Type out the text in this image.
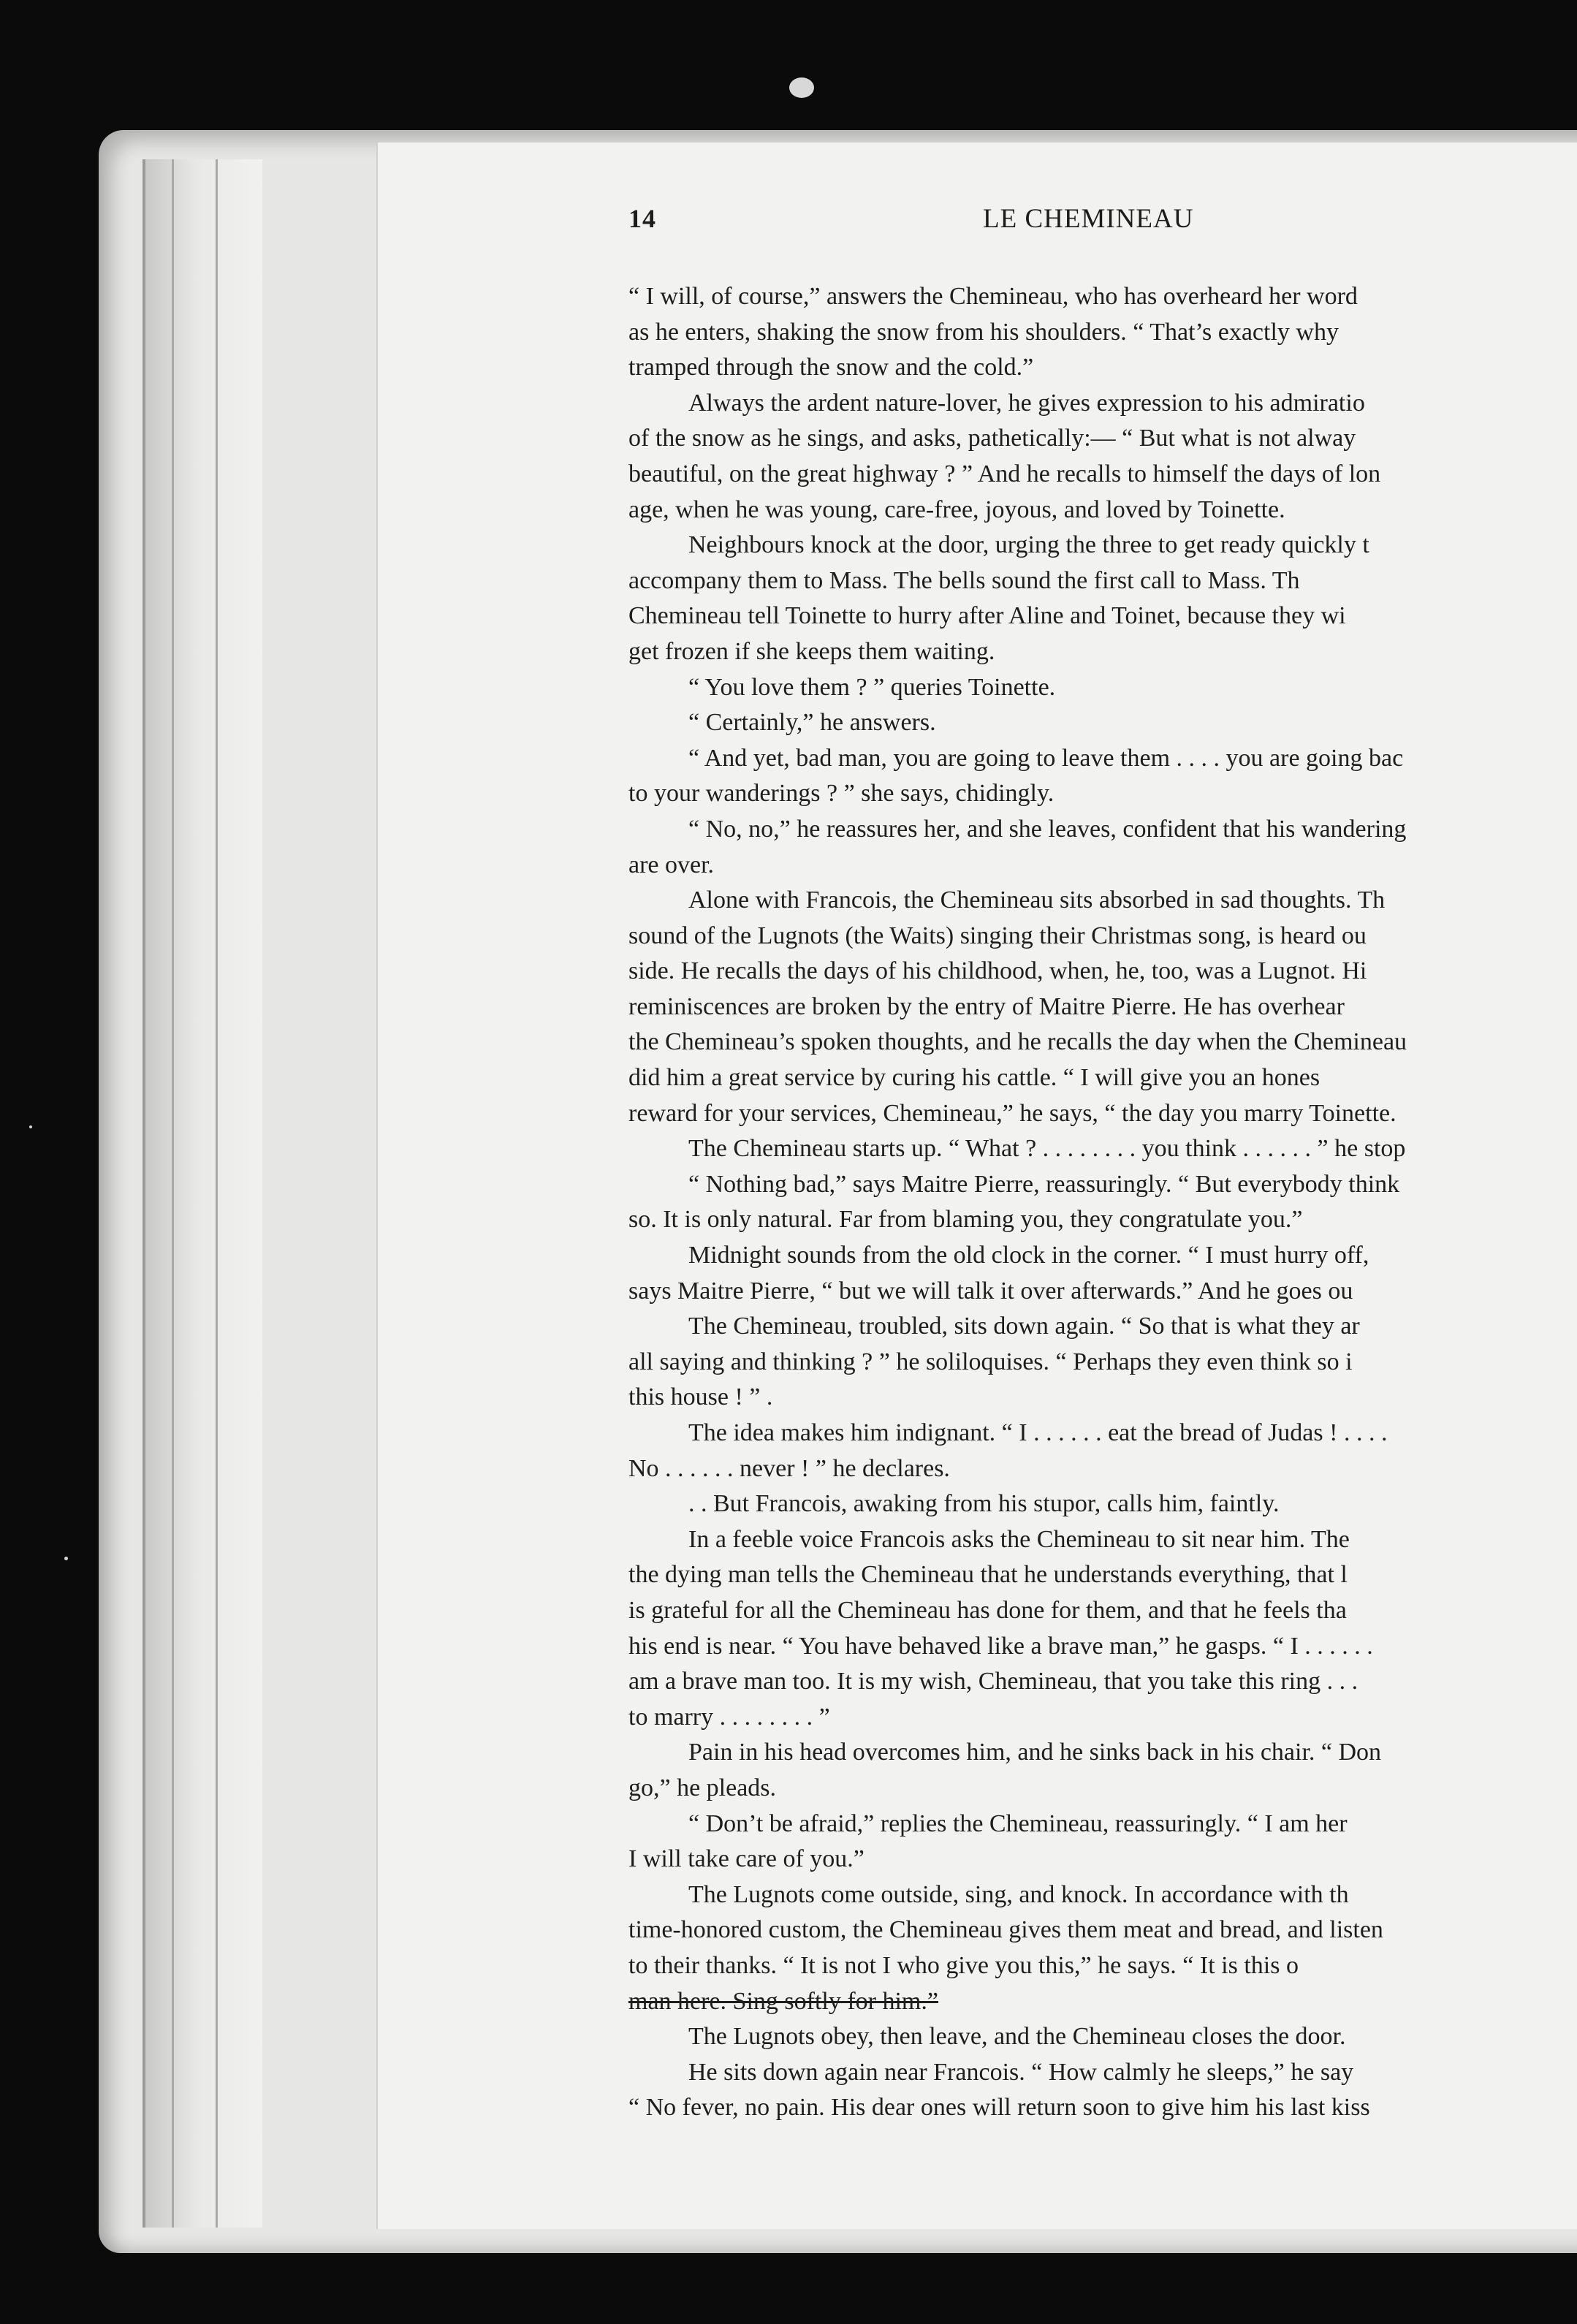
14	LE CHEMINEAU
“ I will, of course,” answers the Chemineau, who has overheard her word
as he enters, shaking the snow from his shoulders. “ That’s exactly why
tramped through the snow and the cold.”
Always the ardent nature-lover, he gives expression to his admiratio
of the snow as he sings, and asks, pathetically:— “ But what is not alway
beautiful, on the great highway ? ” And he recalls to himself the days of lon
age, when he was young, care-free, joyous, and loved by Toinette.
Neighbours knock at the door, urging the three to get ready quickly t
accompany them to Mass. The bells sound the first call to Mass. Th
Chemineau tell Toinette to hurry after Aline and Toinet, because they wi
get frozen if she keeps them waiting.
“ You love them ? ” queries Toinette.
“ Certainly,” he answers.
“ And yet, bad man, you are going to leave them . . . . you are going bac
to your wanderings ? ” she says, chidingly.
“ No, no,” he reassures her, and she leaves, confident that his wandering
are over.
Alone with Francois, the Chemineau sits absorbed in sad thoughts. Th
sound of the Lugnots (the Waits) singing their Christmas song, is heard ou
side. He recalls the days of his childhood, when, he, too, was a Lugnot. Hi
reminiscences are broken by the entry of Maitre Pierre. He has overhear
the Chemineau’s spoken thoughts, and he recalls the day when the Chemineau
did him a great service by curing his cattle. “ I will give you an hones
reward for your services, Chemineau,” he says, “ the day you marry Toinette.
The Chemineau starts up. “ What ? . . . . . . . . you think . . . . . . ” he stop
“ Nothing bad,” says Maitre Pierre, reassuringly. “ But everybody think
so. It is only natural. Far from blaming you, they congratulate you.”
Midnight sounds from the old clock in the corner. “ I must hurry off,
says Maitre Pierre, “ but we will talk it over afterwards.” And he goes ou
The Chemineau, troubled, sits down again. “ So that is what they ar
all saying and thinking ? ” he soliloquises. “ Perhaps they even think so i
this house ! ” .
The idea makes him indignant. “ I . . . . . . eat the bread of Judas ! . . . .
No . . . . . . never ! ” he declares.
. . But Francois, awaking from his stupor, calls him, faintly.
In a feeble voice Francois asks the Chemineau to sit near him. The
the dying man tells the Chemineau that he understands everything, that l
is grateful for all the Chemineau has done for them, and that he feels tha
his end is near. “ You have behaved like a brave man,” he gasps. “ I . . . . . .
am a brave man too. It is my wish, Chemineau, that you take this ring . . .
to marry . . . . . . . . ”
Pain in his head overcomes him, and he sinks back in his chair. “ Don
go,” he pleads.
“ Don’t be afraid,” replies the Chemineau, reassuringly. “ I am her
I will take care of you.”
The Lugnots come outside, sing, and knock. In accordance with th
time-honored custom, the Chemineau gives them meat and bread, and listen
to their thanks. “ It is not I who give you this,” he says. “ It is this o
man here. Sing softly for him.”
The Lugnots obey, then leave, and the Chemineau closes the door.
He sits down again near Francois. “ How calmly he sleeps,” he say
“ No fever, no pain. His dear ones will return soon to give him his last kiss
